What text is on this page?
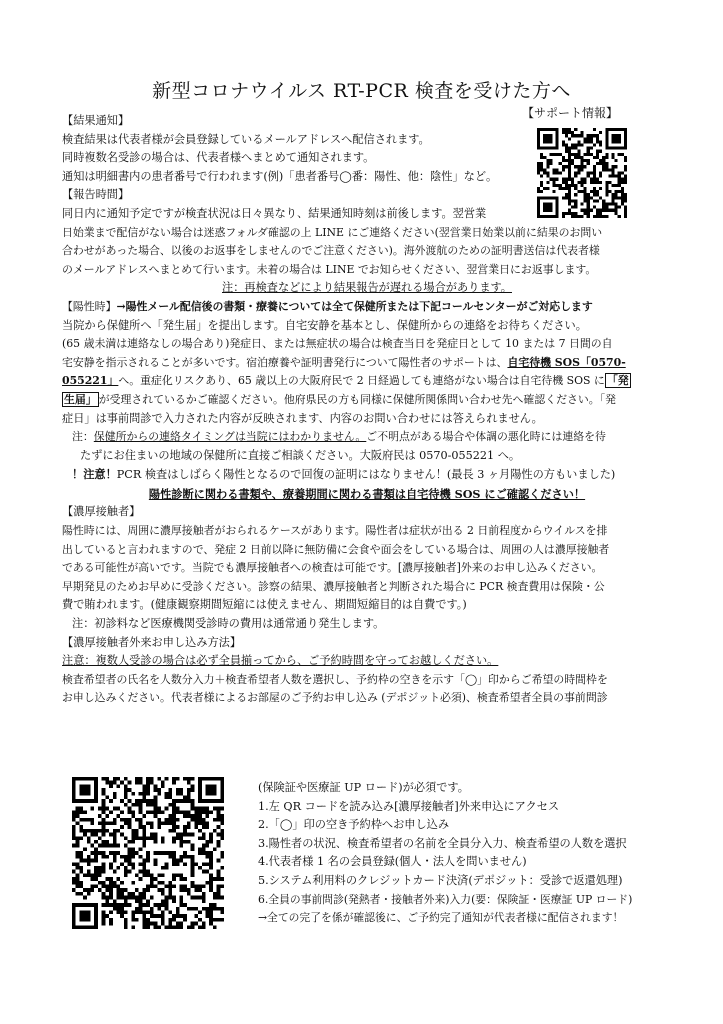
新型コロナウイルス RT-PCR 検査を受けた方へ
【サポート情報】

【結果通知】

検査結果は代表者様が会員登録しているメールアドレスへ配信されます。

同時複数名受診の場合は、代表者様へまとめて通知されます。

通知は明細書内の患者番号で行われます(例)「患者番号◯番：陽性、他：陰性」など。

【報告時間】

同日内に通知予定ですが検査状況は日々異なり、結果通知時刻は前後します。翌営業

日始業まで配信がない場合は迷惑フォルダ確認の上 LINE にご連絡ください(翌営業日始業以前に結果のお問い

合わせがあった場合、以後のお返事をしませんのでご注意ください)。海外渡航のための証明書送信は代表者様

のメールアドレスへまとめて行います。未着の場合は LINE でお知らせください、翌営業日にお返事します。

注：再検査などにより結果報告が遅れる場合があります。

【陽性時】→陽性メール配信後の書類・療養については全て保健所または下記コールセンターがご対応します

当院から保健所へ「発生届」を提出します。自宅安静を基本とし、保健所からの連絡をお待ちください。

(65 歳未満は連絡なしの場合あり)発症日、または無症状の場合は検査当日を発症日として 10 または 7 日間の自

宅安静を指示されることが多いです。宿泊療養や証明書発行について陽性者のサポートは、自宅待機 SOS「0570-

055221」へ。重症化リスクあり、65 歳以上の大阪府民で 2 日経過しても連絡がない場合は自宅待機 SOS に 「発

生届」 が受理されているかご確認ください。他府県民の方も同様に保健所関係問い合わせ先へ確認ください。「発

症日」は事前問診で入力された内容が反映されます、内容のお問い合わせには答えられません。

注：保健所からの連絡タイミングは当院にはわかりません。ご不明点がある場合や体調の悪化時には連絡を待

たずにお住まいの地域の保健所に直接ご相談ください。大阪府民は 0570-055221 へ。

！注意！PCR 検査はしばらく陽性となるので回復の証明にはなりません！(最長 3 ヶ月陽性の方もいました)

陽性診断に関わる書類や、療養期間に関わる書類は自宅待機 SOS にご確認ください！

【濃厚接触者】

陽性時には、周囲に濃厚接触者がおられるケースがあります。陽性者は症状が出る 2 日前程度からウイルスを排

出していると言われますので、発症 2 日前以降に無防備に会食や面会をしている場合は、周囲の人は濃厚接触者

である可能性が高いです。当院でも濃厚接触者への検査は可能です。[濃厚接触者]外来のお申し込みください。

早期発見のためお早めに受診ください。診察の結果、濃厚接触者と判断された場合に PCR 検査費用は保険・公

費で賄われます。(健康観察期間短縮には使えません、期間短縮目的は自費です。)

注：初診料など医療機関受診時の費用は通常通り発生します。

【濃厚接触者外来お申し込み方法】

注意：複数人受診の場合は必ず全員揃ってから、ご予約時間を守ってお越しください。

検査希望者の氏名を人数分入力＋検査希望者人数を選択し、予約枠の空きを示す「◯」印からご希望の時間枠を

お申し込みください。代表者様によるお部屋のご予約お申し込み (デポジット必須)、検査希望者全員の事前問診

(保険証や医療証 UP ロード)が必須です。

1.左 QR コードを読み込み[濃厚接触者]外来申込にアクセス

2.「◯」印の空き予約枠へお申し込み

3.陽性者の状況、検査希望者の名前を全員分入力、検査希望の人数を選択

4.代表者様 1 名の会員登録(個人・法人を問いません)

5.システム利用料のクレジットカード決済(デポジット：受診で返還処理)

6.全員の事前問診(発熱者・接触者外来)入力(要：保険証・医療証 UP ロード)

→全ての完了を係が確認後に、ご予約完了通知が代表者様に配信されます！
